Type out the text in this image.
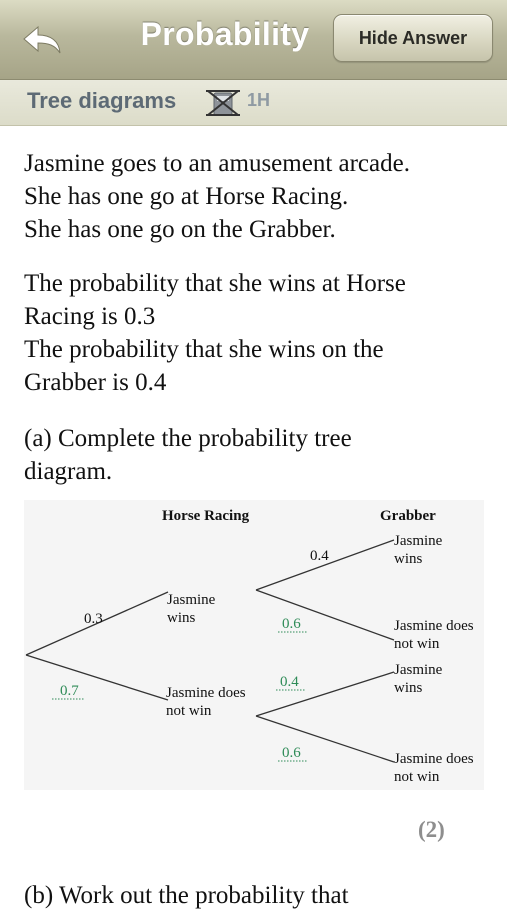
Probability	Hide Answer
Tree diagrams	1H
Jasmine goes to an amusement arcade.
She has one go at Horse Racing.
She has one go on the Grabber.
The probability that she wins at Horse
Racing is 0.3
The probability that she wins on the
Grabber is 0.4
(a) Complete the probability tree
diagram.
Horse Racing	Grabber
0.3
0.7
Jasmine
wins
Jasmine does
not win
0.4
0.6
0.4
0.6
Jasmine
wins
Jasmine does
not win
Jasmine
wins
Jasmine does
not win
(2)
(b) Work out the probability that
